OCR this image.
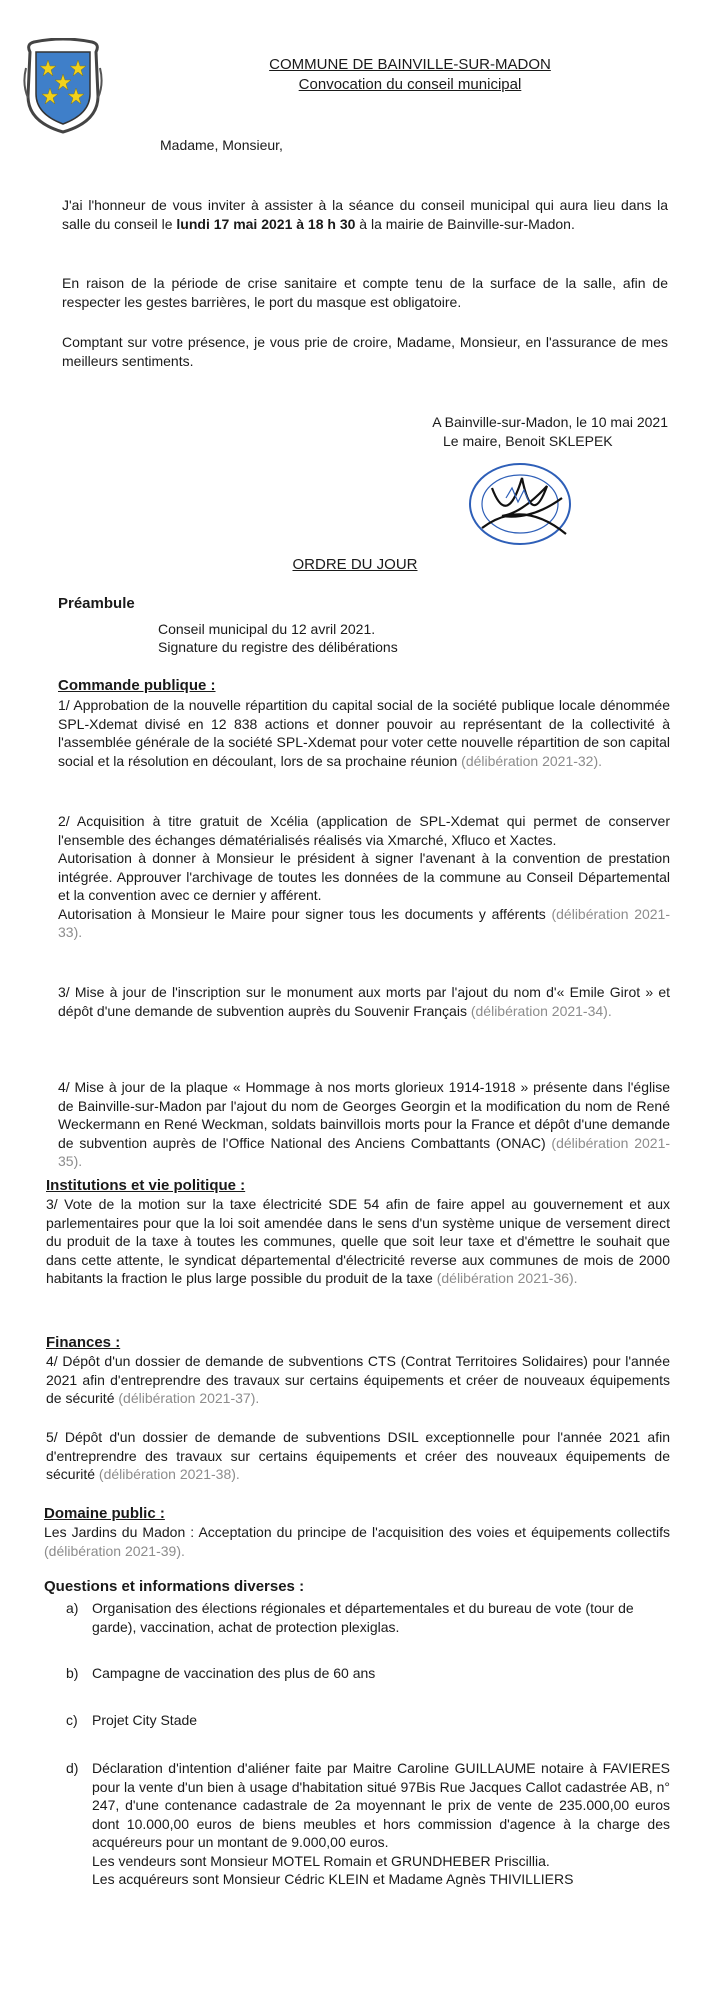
COMMUNE DE BAINVILLE-SUR-MADON
Convocation du conseil municipal
Madame, Monsieur,
J'ai l'honneur de vous inviter à assister à la séance du conseil municipal qui aura lieu dans la salle du conseil le lundi 17 mai 2021 à 18 h 30 à la mairie de Bainville-sur-Madon.
En raison de la période de crise sanitaire et compte tenu de la surface de la salle, afin de respecter les gestes barrières, le port du masque est obligatoire.
Comptant sur votre présence, je vous prie de croire, Madame, Monsieur, en l'assurance de mes meilleurs sentiments.
A Bainville-sur-Madon, le 10 mai 2021
Le maire, Benoit SKLEPEK
ORDRE DU JOUR
Préambule
Conseil municipal du 12 avril 2021.
Signature du registre des délibérations
Commande publique :
1/ Approbation de la nouvelle répartition du capital social de la société publique locale dénommée SPL-Xdemat divisé en 12 838 actions et donner pouvoir au représentant de la collectivité à l'assemblée générale de la société SPL-Xdemat pour voter cette nouvelle répartition de son capital social et la résolution en découlant, lors de sa prochaine réunion (délibération 2021-32).
2/ Acquisition à titre gratuit de Xcélia (application de SPL-Xdemat qui permet de conserver l'ensemble des échanges dématérialisés réalisés via Xmarché, Xfluco et Xactes.
Autorisation à donner à Monsieur le président à signer l'avenant à la convention de prestation intégrée. Approuver l'archivage de toutes les données de la commune au Conseil Départemental et la convention avec ce dernier y afférent.
Autorisation à Monsieur le Maire pour signer tous les documents y afférents (délibération 2021-33).
3/ Mise à jour de l'inscription sur le monument aux morts par l'ajout du nom d'« Emile Girot » et dépôt d'une demande de subvention auprès du Souvenir Français (délibération 2021-34).
4/ Mise à jour de la plaque « Hommage à nos morts glorieux 1914-1918 » présente dans l'église de Bainville-sur-Madon par l'ajout du nom de Georges Georgin et la modification du nom de René Weckermann en René Weckman, soldats bainvillois morts pour la France et dépôt d'une demande de subvention auprès de l'Office National des Anciens Combattants (ONAC) (délibération 2021-35).
Institutions et vie politique :
3/ Vote de la motion sur la taxe électricité SDE 54 afin de faire appel au gouvernement et aux parlementaires pour que la loi soit amendée dans le sens d'un système unique de versement direct du produit de la taxe à toutes les communes, quelle que soit leur taxe et d'émettre le souhait que dans cette attente, le syndicat départemental d'électricité reverse aux communes de mois de 2000 habitants la fraction le plus large possible du produit de la taxe (délibération 2021-36).
Finances :
4/ Dépôt d'un dossier de demande de subventions CTS (Contrat Territoires Solidaires) pour l'année 2021 afin d'entreprendre des travaux sur certains équipements et créer de nouveaux équipements de sécurité (délibération 2021-37).
5/ Dépôt d'un dossier de demande de subventions DSIL exceptionnelle pour l'année 2021 afin d'entreprendre des travaux sur certains équipements et créer des nouveaux équipements de sécurité (délibération 2021-38).
Domaine public :
Les Jardins du Madon : Acceptation du principe de l'acquisition des voies et équipements collectifs (délibération 2021-39).
Questions et informations diverses :
a) Organisation des élections régionales et départementales et du bureau de vote (tour de garde), vaccination, achat de protection plexiglas.
b) Campagne de vaccination des plus de 60 ans
c) Projet City Stade
d) Déclaration d'intention d'aliéner faite par Maitre Caroline GUILLAUME notaire à FAVIERES pour la vente d'un bien à usage d'habitation situé 97Bis Rue Jacques Callot cadastrée AB, n° 247, d'une contenance cadastrale de 2a moyennant le prix de vente de 235.000,00 euros dont 10.000,00 euros de biens meubles et hors commission d'agence à la charge des acquéreurs pour un montant de 9.000,00 euros.
Les vendeurs sont Monsieur MOTEL Romain et GRUNDHEBER Priscillia.
Les acquéreurs sont Monsieur Cédric KLEIN et Madame Agnès THIVILLIERS
